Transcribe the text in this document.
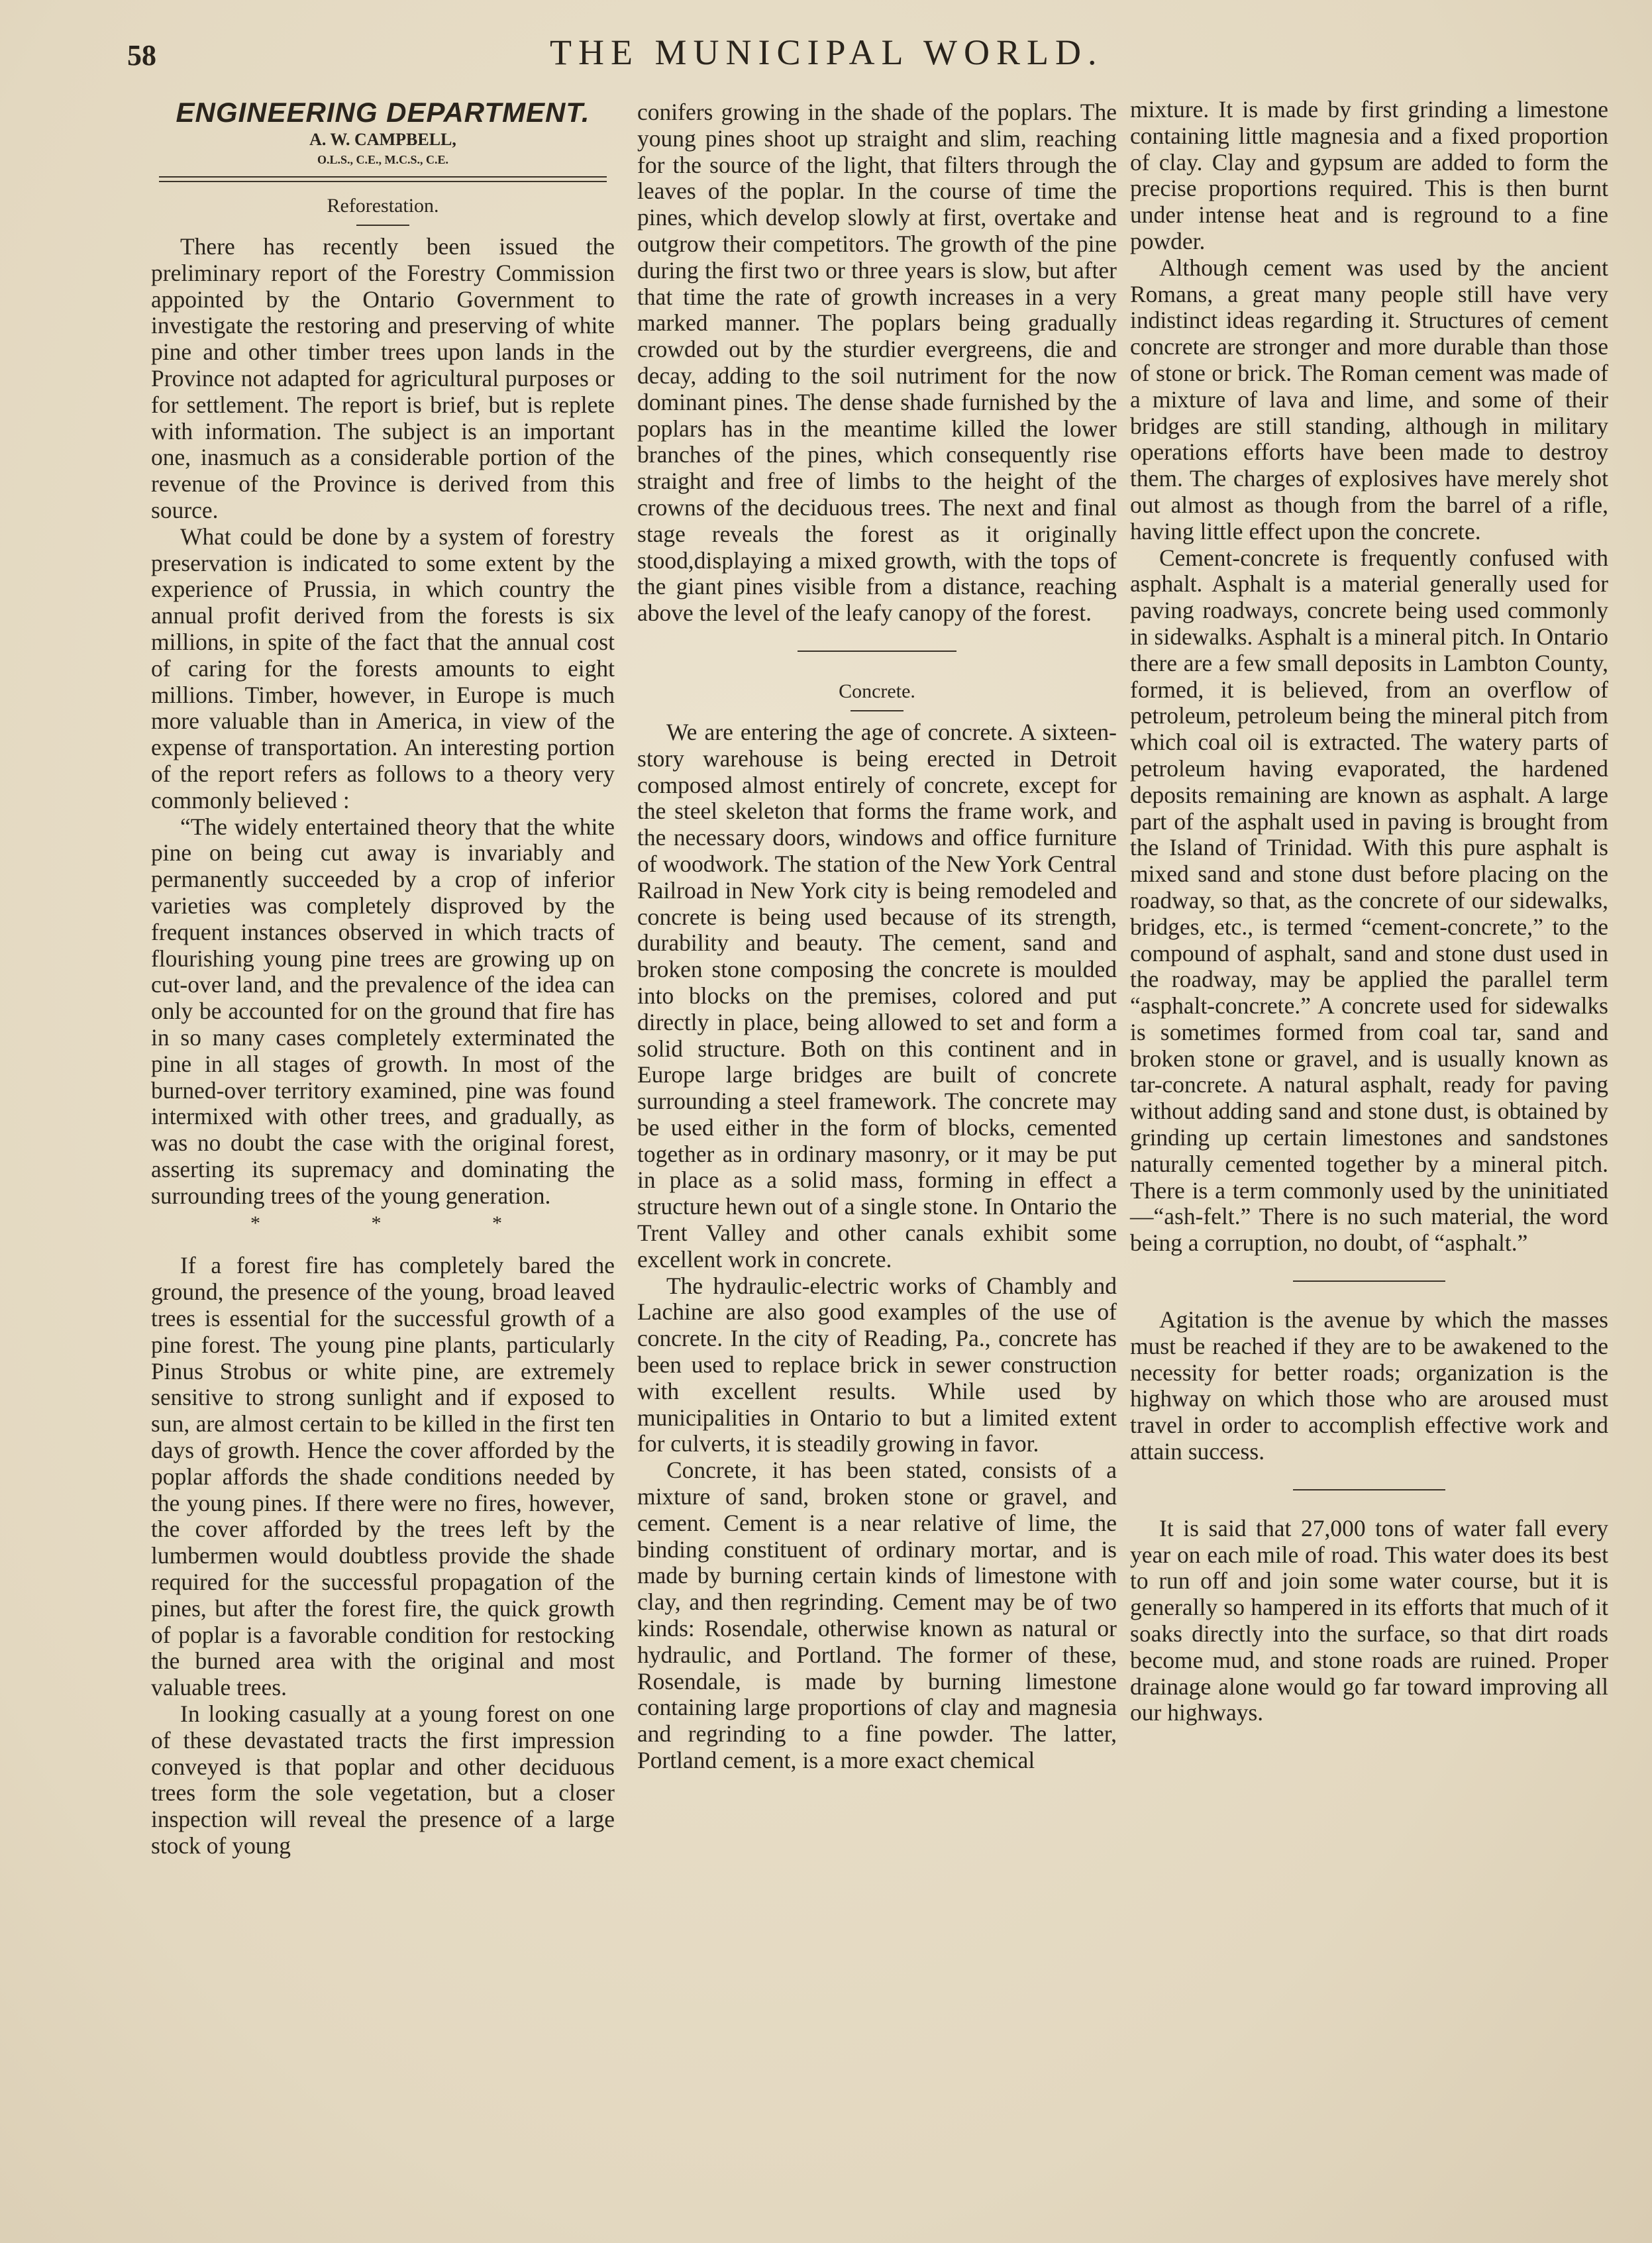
58	THE MUNICIPAL WORLD.
ENGINEERING DEPARTMENT.
A. W. CAMPBELL,
O.L.S., C.E., M.C.S., C.E.
Reforestation.

There has recently been issued the preliminary report of the Forestry Commission appointed by the Ontario Government to investigate the restoring and preserving of white pine and other timber trees upon lands in the Province not adapted for agricultural purposes or for settlement. The report is brief, but is replete with information. The subject is an important one, inasmuch as a considerable portion of the revenue of the Province is derived from this source.

What could be done by a system of forestry preservation is indicated to some extent by the experience of Prussia, in which country the annual profit derived from the forests is six millions, in spite of the fact that the annual cost of caring for the forests amounts to eight millions. Timber, however, in Europe is much more valuable than in America, in view of the expense of transportation. An interesting portion of the report refers as follows to a theory very commonly believed :

“The widely entertained theory that the white pine on being cut away is invariably and permanently succeeded by a crop of inferior varieties was completely disproved by the frequent instances observed in which tracts of flourishing young pine trees are growing up on cut-over land, and the prevalence of the idea can only be accounted for on the ground that fire has in so many cases completely exterminated the pine in all stages of growth. In most of the burned-over territory examined, pine was found intermixed with other trees, and gradually, as was no doubt the case with the original forest, asserting its supremacy and dominating the surrounding trees of the young generation.

* * *

If a forest fire has completely bared the ground, the presence of the young, broad leaved trees is essential for the successful growth of a pine forest. The young pine plants, particularly Pinus Strobus or white pine, are extremely sensitive to strong sunlight and if exposed to sun, are almost certain to be killed in the first ten days of growth. Hence the cover afforded by the poplar affords the shade conditions needed by the young pines. If there were no fires, however, the cover afforded by the trees left by the lumbermen would doubtless provide the shade required for the successful propagation of the pines, but after the forest fire, the quick growth of poplar is a favorable condition for restocking the burned area with the original and most valuable trees.

In looking casually at a young forest on one of these devastated tracts the first impression conveyed is that poplar and other deciduous trees form the sole vegetation, but a closer inspection will reveal the presence of a large stock of young

conifers growing in the shade of the poplars. The young pines shoot up straight and slim, reaching for the source of the light, that filters through the leaves of the poplar. In the course of time the pines, which develop slowly at first, overtake and outgrow their competitors. The growth of the pine during the first two or three years is slow, but after that time the rate of growth increases in a very marked manner. The poplars being gradually crowded out by the sturdier evergreens, die and decay, adding to the soil nutriment for the now dominant pines. The dense shade furnished by the poplars has in the meantime killed the lower branches of the pines, which consequently rise straight and free of limbs to the height of the crowns of the deciduous trees. The next and final stage reveals the forest as it originally stood,displaying a mixed growth, with the tops of the giant pines visible from a distance, reaching above the level of the leafy canopy of the forest.

Concrete.

We are entering the age of concrete. A sixteen-story warehouse is being erected in Detroit composed almost entirely of concrete, except for the steel skeleton that forms the frame work, and the necessary doors, windows and office furniture of woodwork. The station of the New York Central Railroad in New York city is being remodeled and concrete is being used because of its strength, durability and beauty. The cement, sand and broken stone composing the concrete is moulded into blocks on the premises, colored and put directly in place, being allowed to set and form a solid structure. Both on this continent and in Europe large bridges are built of concrete surrounding a steel framework. The concrete may be used either in the form of blocks, cemented together as in ordinary masonry, or it may be put in place as a solid mass, forming in effect a structure hewn out of a single stone. In Ontario the Trent Valley and other canals exhibit some excellent work in concrete.

The hydraulic-electric works of Chambly and Lachine are also good examples of the use of concrete. In the city of Reading, Pa., concrete has been used to replace brick in sewer construction with excellent results. While used by municipalities in Ontario to but a limited extent for culverts, it is steadily growing in favor.

Concrete, it has been stated, consists of a mixture of sand, broken stone or gravel, and cement. Cement is a near relative of lime, the binding constituent of ordinary mortar, and is made by burning certain kinds of limestone with clay, and then regrinding. Cement may be of two kinds: Rosendale, otherwise known as natural or hydraulic, and Portland. The former of these, Rosendale, is made by burning limestone containing large proportions of clay and magnesia and regrinding to a fine powder. The latter, Portland cement, is a more exact chemical

mixture. It is made by first grinding a limestone containing little magnesia and a fixed proportion of clay. Clay and gypsum are added to form the precise proportions required. This is then burnt under intense heat and is reground to a fine powder.

Although cement was used by the ancient Romans, a great many people still have very indistinct ideas regarding it. Structures of cement concrete are stronger and more durable than those of stone or brick. The Roman cement was made of a mixture of lava and lime, and some of their bridges are still standing, although in military operations efforts have been made to destroy them. The charges of explosives have merely shot out almost as though from the barrel of a rifle, having little effect upon the concrete.

Cement-concrete is frequently confused with asphalt. Asphalt is a material generally used for paving roadways, concrete being used commonly in sidewalks. Asphalt is a mineral pitch. In Ontario there are a few small deposits in Lambton County, formed, it is believed, from an overflow of petroleum, petroleum being the mineral pitch from which coal oil is extracted. The watery parts of petroleum having evaporated, the hardened deposits remaining are known as asphalt. A large part of the asphalt used in paving is brought from the Island of Trinidad. With this pure asphalt is mixed sand and stone dust before placing on the roadway, so that, as the concrete of our sidewalks, bridges, etc., is termed “cement-concrete,” to the compound of asphalt, sand and stone dust used in the roadway, may be applied the parallel term “asphalt-concrete.” A concrete used for sidewalks is sometimes formed from coal tar, sand and broken stone or gravel, and is usually known as tar-concrete. A natural asphalt, ready for paving without adding sand and stone dust, is obtained by grinding up certain limestones and sandstones naturally cemented together by a mineral pitch. There is a term commonly used by the uninitiated—“ash-felt.” There is no such material, the word being a corruption, no doubt, of “asphalt.”

Agitation is the avenue by which the masses must be reached if they are to be awakened to the necessity for better roads; organization is the highway on which those who are aroused must travel in order to accomplish effective work and attain success.

It is said that 27,000 tons of water fall every year on each mile of road. This water does its best to run off and join some water course, but it is generally so hampered in its efforts that much of it soaks directly into the surface, so that dirt roads become mud, and stone roads are ruined. Proper drainage alone would go far toward improving all our highways.
